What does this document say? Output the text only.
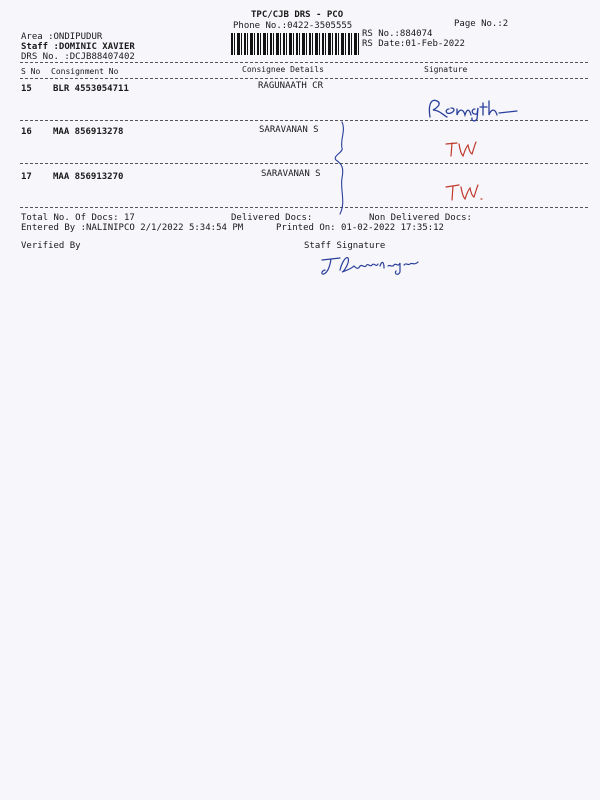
TPC/CJB DRS - PCO
Phone No.:0422-3505555	Page No.:2
RS No.:884074
RS Date:01-Feb-2022
Area :ONDIPUDUR
Staff :DOMINIC XAVIER
DRS No. :DCJB88407402
S No Consignment No	Consignee Details	Signature
15 BLR 4553054711	RAGUNAATH CR
16 MAA 856913278	SARAVANAN S
17 MAA 856913270	SARAVANAN S
Total No. Of Docs: 17	Delivered Docs:	Non Delivered Docs:
Entered By :NALINIPCO 2/1/2022 5:34:54 PM	Printed On: 01-02-2022 17:35:12
Verified By	Staff Signature
